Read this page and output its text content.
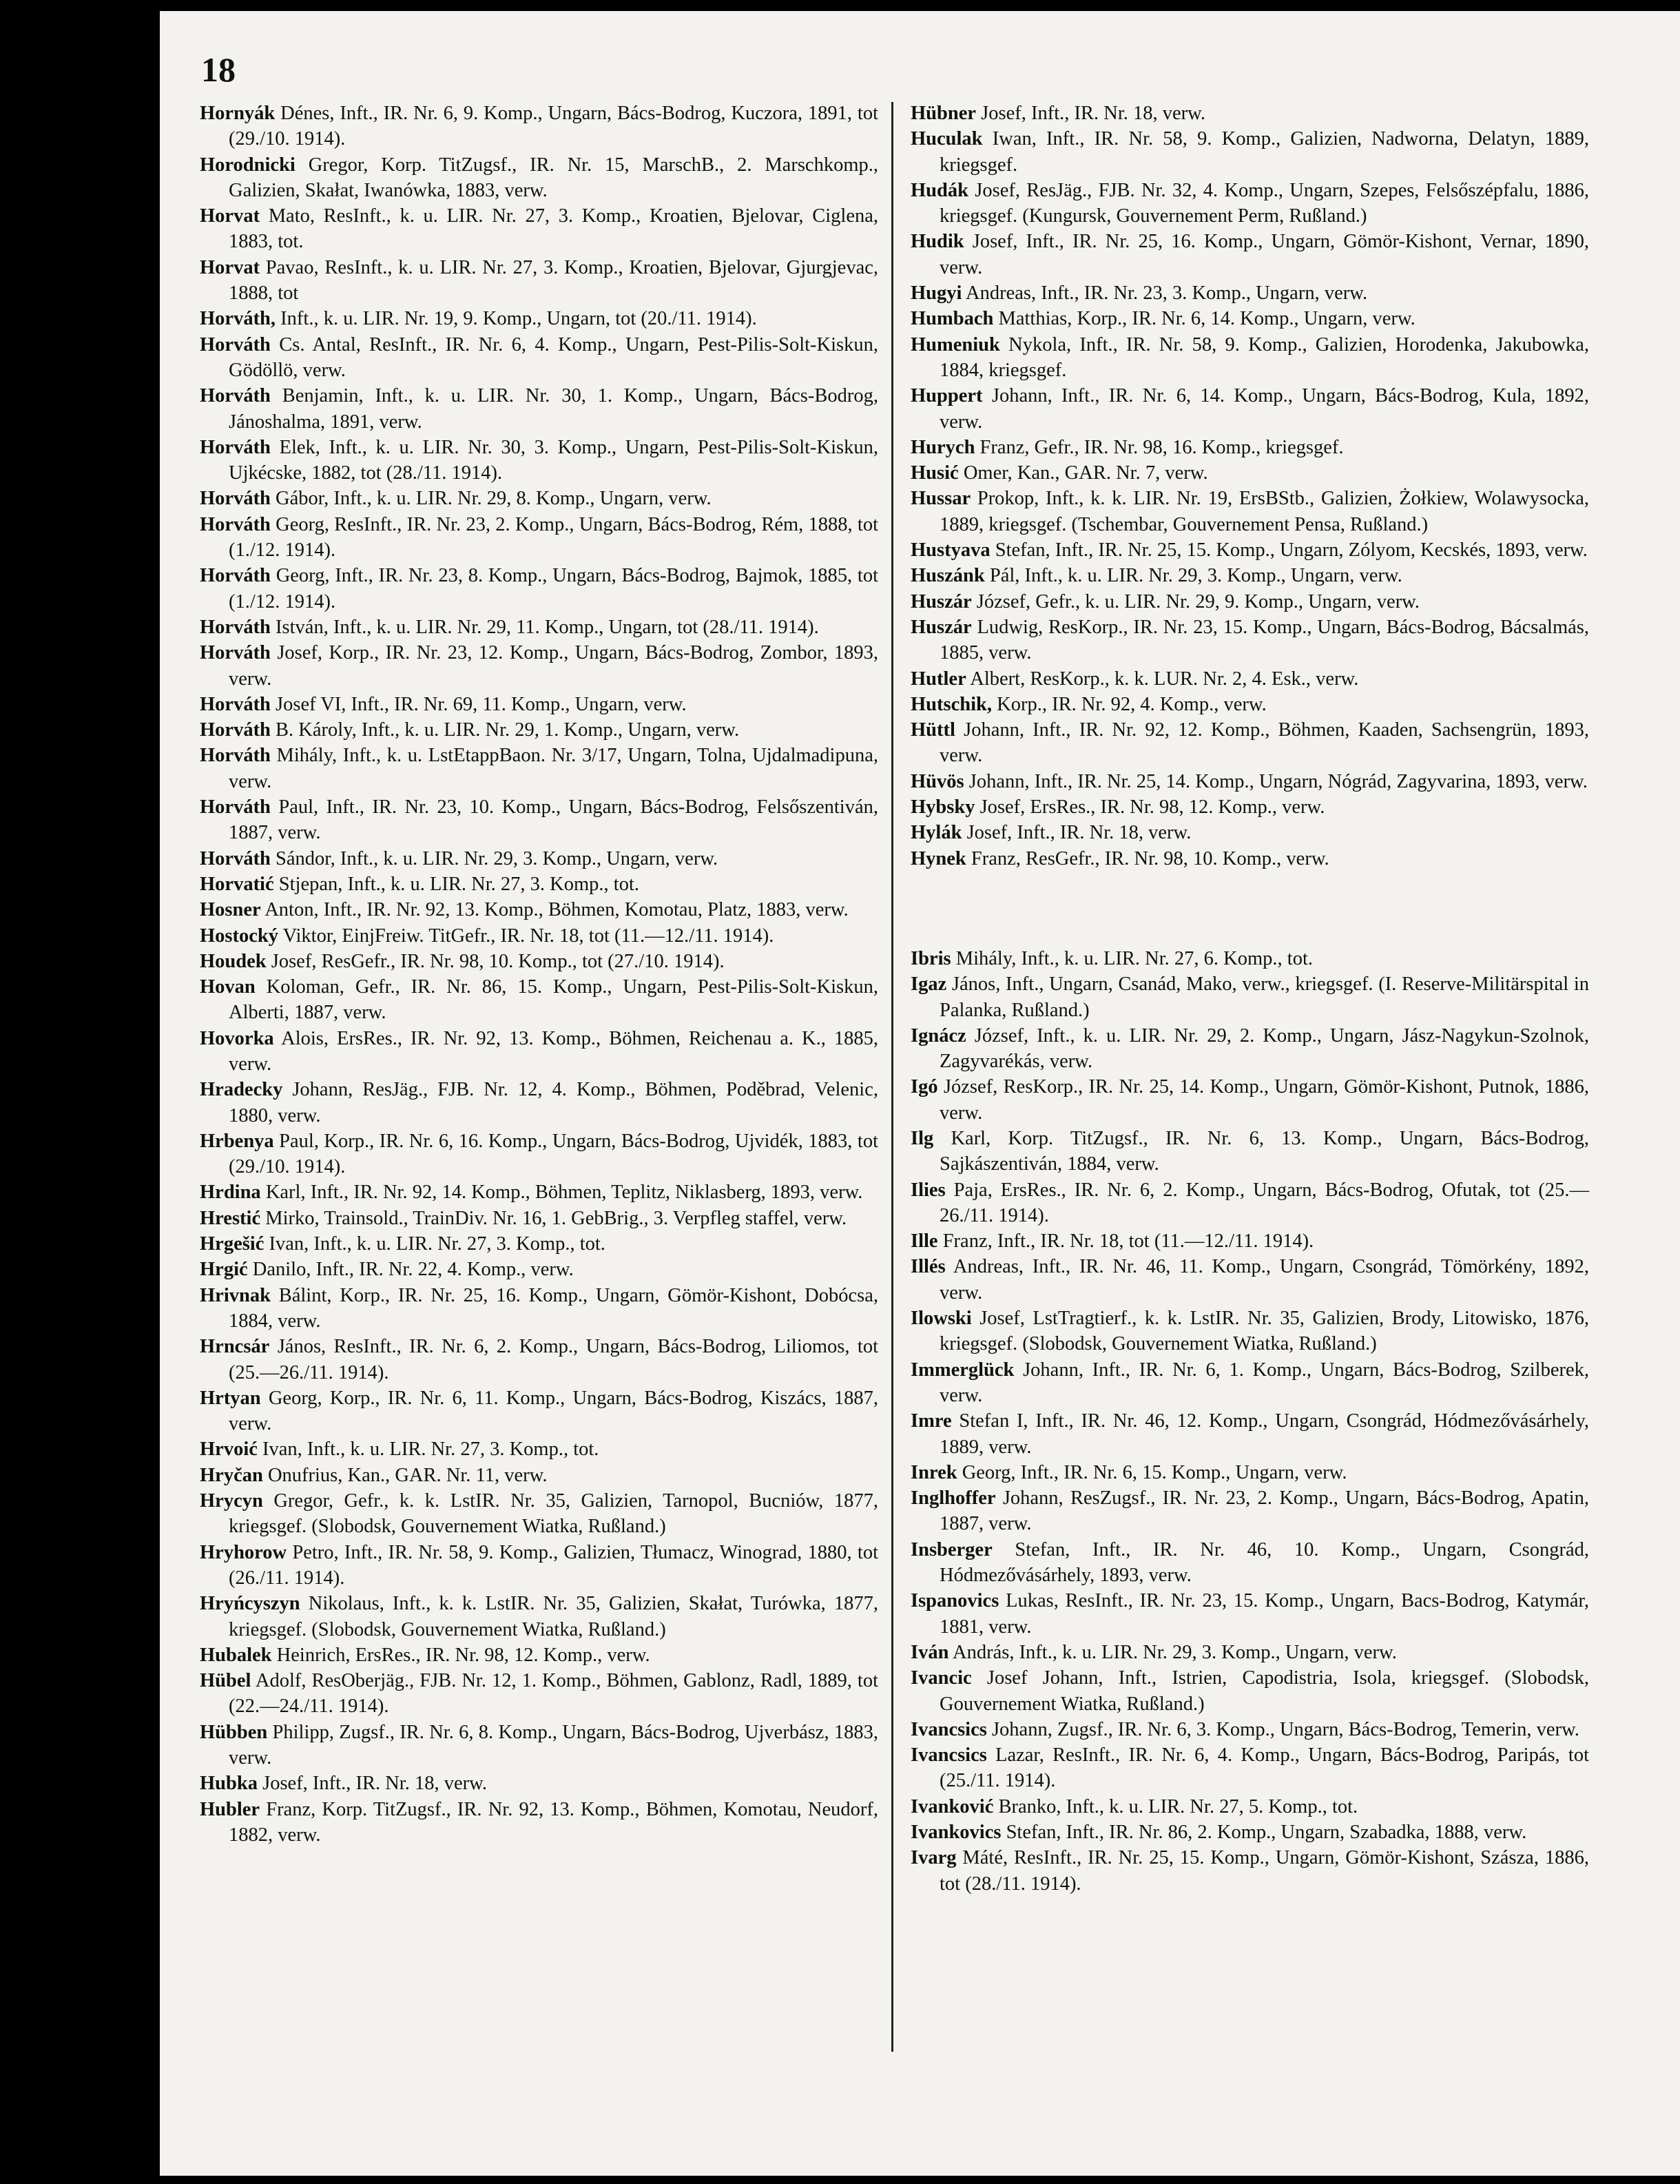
18
Hornyák Dénes, Inft., IR. Nr. 6, 9. Komp., Ungarn, Bács-Bodrog, Kuczora, 1891, tot (29./10. 1914).
Horodnicki Gregor, Korp. TitZugsf., IR. Nr. 15, MarschB., 2. Marschkomp., Galizien, Skałat, Iwanówka, 1883, verw.
Horvat Mato, ResInft., k. u. LIR. Nr. 27, 3. Komp., Kroatien, Bjelovar, Ciglena, 1883, tot.
Horvat Pavao, ResInft., k. u. LIR. Nr. 27, 3. Komp., Kroatien, Bjelovar, Gjurgjevac, 1888, tot
Horváth, Inft., k. u. LIR. Nr. 19, 9. Komp., Ungarn, tot (20./11. 1914).
Horváth Cs. Antal, ResInft., IR. Nr. 6, 4. Komp., Ungarn, Pest-Pilis-Solt-Kiskun, Gödöllö, verw.
Horváth Benjamin, Inft., k. u. LIR. Nr. 30, 1. Komp., Ungarn, Bács-Bodrog, Jánoshalma, 1891, verw.
Horváth Elek, Inft., k. u. LIR. Nr. 30, 3. Komp., Ungarn, Pest-Pilis-Solt-Kiskun, Ujkécske, 1882, tot (28./11. 1914).
Horváth Gábor, Inft., k. u. LIR. Nr. 29, 8. Komp., Ungarn, verw.
Horváth Georg, ResInft., IR. Nr. 23, 2. Komp., Ungarn, Bács-Bodrog, Rém, 1888, tot (1./12. 1914).
Horváth Georg, Inft., IR. Nr. 23, 8. Komp., Ungarn, Bács-Bodrog, Bajmok, 1885, tot (1./12. 1914).
Horváth István, Inft., k. u. LIR. Nr. 29, 11. Komp., Ungarn, tot (28./11. 1914).
Horváth Josef, Korp., IR. Nr. 23, 12. Komp., Ungarn, Bács-Bodrog, Zombor, 1893, verw.
Horváth Josef VI, Inft., IR. Nr. 69, 11. Komp., Ungarn, verw.
Horváth B. Károly, Inft., k. u. LIR. Nr. 29, 1. Komp., Ungarn, verw.
Horváth Mihály, Inft., k. u. LstEtappBaon. Nr. 3/17, Ungarn, Tolna, Ujdalmadipuna, verw.
Horváth Paul, Inft., IR. Nr. 23, 10. Komp., Ungarn, Bács-Bodrog, Felsőszentiván, 1887, verw.
Horváth Sándor, Inft., k. u. LIR. Nr. 29, 3. Komp., Ungarn, verw.
Horvatić Stjepan, Inft., k. u. LIR. Nr. 27, 3. Komp., tot.
Hosner Anton, Inft., IR. Nr. 92, 13. Komp., Böhmen, Komotau, Platz, 1883, verw.
Hostocký Viktor, EinjFreiw. TitGefr., IR. Nr. 18, tot (11.—12./11. 1914).
Houdek Josef, ResGefr., IR. Nr. 98, 10. Komp., tot (27./10. 1914).
Hovan Koloman, Gefr., IR. Nr. 86, 15. Komp., Ungarn, Pest-Pilis-Solt-Kiskun, Alberti, 1887, verw.
Hovorka Alois, ErsRes., IR. Nr. 92, 13. Komp., Böhmen, Reichenau a. K., 1885, verw.
Hradecky Johann, ResJäg., FJB. Nr. 12, 4. Komp., Böhmen, Poděbrad, Velenic, 1880, verw.
Hrbenya Paul, Korp., IR. Nr. 6, 16. Komp., Ungarn, Bács-Bodrog, Ujvidék, 1883, tot (29./10. 1914).
Hrdina Karl, Inft., IR. Nr. 92, 14. Komp., Böhmen, Teplitz, Niklasberg, 1893, verw.
Hrestić Mirko, Trainsold., TrainDiv. Nr. 16, 1. GebBrig., 3. Verpfleg staffel, verw.
Hrgešić Ivan, Inft., k. u. LIR. Nr. 27, 3. Komp., tot.
Hrgić Danilo, Inft., IR. Nr. 22, 4. Komp., verw.
Hrivnak Bálint, Korp., IR. Nr. 25, 16. Komp., Ungarn, Gömör-Kishont, Dobócsa, 1884, verw.
Hrncsár János, ResInft., IR. Nr. 6, 2. Komp., Ungarn, Bács-Bodrog, Liliomos, tot (25.—26./11. 1914).
Hrtyan Georg, Korp., IR. Nr. 6, 11. Komp., Ungarn, Bács-Bodrog, Kiszács, 1887, verw.
Hrvoić Ivan, Inft., k. u. LIR. Nr. 27, 3. Komp., tot.
Hryčan Onufrius, Kan., GAR. Nr. 11, verw.
Hrycyn Gregor, Gefr., k. k. LstIR. Nr. 35, Galizien, Tarnopol, Bucniów, 1877, kriegsgef. (Slobodsk, Gouvernement Wiatka, Rußland.)
Hryhorow Petro, Inft., IR. Nr. 58, 9. Komp., Galizien, Tłumacz, Winograd, 1880, tot (26./11. 1914).
Hryńcyszyn Nikolaus, Inft., k. k. LstIR. Nr. 35, Galizien, Skałat, Turówka, 1877, kriegsgef. (Slobodsk, Gouvernement Wiatka, Rußland.)
Hubalek Heinrich, ErsRes., IR. Nr. 98, 12. Komp., verw.
Hübel Adolf, ResOberjäg., FJB. Nr. 12, 1. Komp., Böhmen, Gablonz, Radl, 1889, tot (22.—24./11. 1914).
Hübben Philipp, Zugsf., IR. Nr. 6, 8. Komp., Ungarn, Bács-Bodrog, Ujverbász, 1883, verw.
Hubka Josef, Inft., IR. Nr. 18, verw.
Hubler Franz, Korp. TitZugsf., IR. Nr. 92, 13. Komp., Böhmen, Komotau, Neudorf, 1882, verw.
Hübner Josef, Inft., IR. Nr. 18, verw.
Huculak Iwan, Inft., IR. Nr. 58, 9. Komp., Galizien, Nadworna, Delatyn, 1889, kriegsgef.
Hudák Josef, ResJäg., FJB. Nr. 32, 4. Komp., Ungarn, Szepes, Felsőszépfalu, 1886, kriegsgef. (Kungursk, Gouvernement Perm, Rußland.)
Hudik Josef, Inft., IR. Nr. 25, 16. Komp., Ungarn, Gömör-Kishont, Vernar, 1890, verw.
Hugyi Andreas, Inft., IR. Nr. 23, 3. Komp., Ungarn, verw.
Humbach Matthias, Korp., IR. Nr. 6, 14. Komp., Ungarn, verw.
Humeniuk Nykola, Inft., IR. Nr. 58, 9. Komp., Galizien, Horodenka, Jakubowka, 1884, kriegsgef.
Huppert Johann, Inft., IR. Nr. 6, 14. Komp., Ungarn, Bács-Bodrog, Kula, 1892, verw.
Hurych Franz, Gefr., IR. Nr. 98, 16. Komp., kriegsgef.
Husić Omer, Kan., GAR. Nr. 7, verw.
Hussar Prokop, Inft., k. k. LIR. Nr. 19, ErsBStb., Galizien, Żołkiew, Wolawysocka, 1889, kriegsgef. (Tschembar, Gouvernement Pensa, Rußland.)
Hustyava Stefan, Inft., IR. Nr. 25, 15. Komp., Ungarn, Zólyom, Kecskés, 1893, verw.
Huszánk Pál, Inft., k. u. LIR. Nr. 29, 3. Komp., Ungarn, verw.
Huszár József, Gefr., k. u. LIR. Nr. 29, 9. Komp., Ungarn, verw.
Huszár Ludwig, ResKorp., IR. Nr. 23, 15. Komp., Ungarn, Bács-Bodrog, Bácsalmás, 1885, verw.
Hutler Albert, ResKorp., k. k. LUR. Nr. 2, 4. Esk., verw.
Hutschik, Korp., IR. Nr. 92, 4. Komp., verw.
Hüttl Johann, Inft., IR. Nr. 92, 12. Komp., Böhmen, Kaaden, Sachsengrün, 1893, verw.
Hüvös Johann, Inft., IR. Nr. 25, 14. Komp., Ungarn, Nógrád, Zagyvarina, 1893, verw.
Hybsky Josef, ErsRes., IR. Nr. 98, 12. Komp., verw.
Hylák Josef, Inft., IR. Nr. 18, verw.
Hynek Franz, ResGefr., IR. Nr. 98, 10. Komp., verw.
Ibris Mihály, Inft., k. u. LIR. Nr. 27, 6. Komp., tot.
Igaz János, Inft., Ungarn, Csanád, Mako, verw., kriegsgef. (I. Reserve-Militärspital in Palanka, Rußland.)
Ignácz József, Inft., k. u. LIR. Nr. 29, 2. Komp., Ungarn, Jász-Nagykun-Szolnok, Zagyvarékás, verw.
Igó József, ResKorp., IR. Nr. 25, 14. Komp., Ungarn, Gömör-Kishont, Putnok, 1886, verw.
Ilg Karl, Korp. TitZugsf., IR. Nr. 6, 13. Komp., Ungarn, Bács-Bodrog, Sajkászentiván, 1884, verw.
Ilies Paja, ErsRes., IR. Nr. 6, 2. Komp., Ungarn, Bács-Bodrog, Ofutak, tot (25.—26./11. 1914).
Ille Franz, Inft., IR. Nr. 18, tot (11.—12./11. 1914).
Illés Andreas, Inft., IR. Nr. 46, 11. Komp., Ungarn, Csongrád, Tömörkény, 1892, verw.
Ilowski Josef, LstTragtierf., k. k. LstIR. Nr. 35, Galizien, Brody, Litowisko, 1876, kriegsgef. (Slobodsk, Gouvernement Wiatka, Rußland.)
Immerglück Johann, Inft., IR. Nr. 6, 1. Komp., Ungarn, Bács-Bodrog, Szilberek, verw.
Imre Stefan I, Inft., IR. Nr. 46, 12. Komp., Ungarn, Csongrád, Hódmezővásárhely, 1889, verw.
Inrek Georg, Inft., IR. Nr. 6, 15. Komp., Ungarn, verw.
Inglhoffer Johann, ResZugsf., IR. Nr. 23, 2. Komp., Ungarn, Bács-Bodrog, Apatin, 1887, verw.
Insberger Stefan, Inft., IR. Nr. 46, 10. Komp., Ungarn, Csongrád, Hódmezővásárhely, 1893, verw.
Ispanovics Lukas, ResInft., IR. Nr. 23, 15. Komp., Ungarn, Bacs-Bodrog, Katymár, 1881, verw.
Iván András, Inft., k. u. LIR. Nr. 29, 3. Komp., Ungarn, verw.
Ivancic Josef Johann, Inft., Istrien, Capodistria, Isola, kriegsgef. (Slobodsk, Gouvernement Wiatka, Rußland.)
Ivancsics Johann, Zugsf., IR. Nr. 6, 3. Komp., Ungarn, Bács-Bodrog, Temerin, verw.
Ivancsics Lazar, ResInft., IR. Nr. 6, 4. Komp., Ungarn, Bács-Bodrog, Paripás, tot (25./11. 1914).
Ivanković Branko, Inft., k. u. LIR. Nr. 27, 5. Komp., tot.
Ivankovics Stefan, Inft., IR. Nr. 86, 2. Komp., Ungarn, Szabadka, 1888, verw.
Ivarg Máté, ResInft., IR. Nr. 25, 15. Komp., Ungarn, Gömör-Kishont, Szásza, 1886, tot (28./11. 1914).
